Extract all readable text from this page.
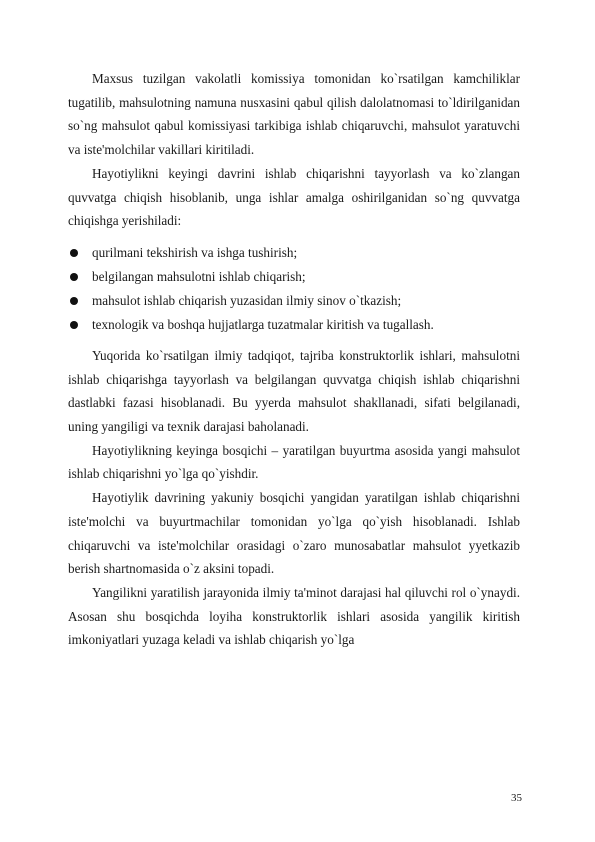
Maxsus tuzilgan vakolatli komissiya tomonidan ko`rsatilgan kamchiliklar tugatilib, mahsulotning namuna nusxasini qabul qilish dalolatnomasi to`ldirilganidan so`ng mahsulot qabul komissiyasi tarkibiga ishlab chiqaruvchi, mahsulot yaratuvchi va iste'molchilar vakillari kiritiladi.

Hayotiylikni keyingi davrini ishlab chiqarishni tayyorlash va ko`zlangan quvvatga chiqish hisoblanib, unga ishlar amalga oshirilganidan so`ng quvvatga chiqishga yerishiladi:

qurilmani tekshirish va ishga tushirish;
belgilangan mahsulotni ishlab chiqarish;
mahsulot ishlab chiqarish yuzasidan ilmiy sinov o`tkazish;
texnologik va boshqa hujjatlarga tuzatmalar kiritish va tugallash.

Yuqorida ko`rsatilgan ilmiy tadqiqot, tajriba konstruktorlik ishlari, mahsulotni ishlab chiqarishga tayyorlash va belgilangan quvvatga chiqish ishlab chiqarishni dastlabki fazasi hisoblanadi. Bu yyerda mahsulot shakllanadi, sifati belgilanadi, uning yangiligi va texnik darajasi baholanadi.

Hayotiylikning keyinga bosqichi – yaratilgan buyurtma asosida yangi mahsulot ishlab chiqarishni yo`lga qo`yishdir.

Hayotiylik davrining yakuniy bosqichi yangidan yaratilgan ishlab chiqarishni iste'molchi va buyurtmachilar tomonidan yo`lga qo`yish hisoblanadi. Ishlab chiqaruvchi va iste'molchilar orasidagi o`zaro munosabatlar mahsulot yyetkazib berish shartnomasida o`z aksini topadi.

Yangilikni yaratilish jarayonida ilmiy ta'minot darajasi hal qiluvchi rol o`ynaydi. Asosan shu bosqichda loyiha konstruktorlik ishlari asosida yangilik kiritish imkoniyatlari yuzaga keladi va ishlab chiqarish yo`lga

35
